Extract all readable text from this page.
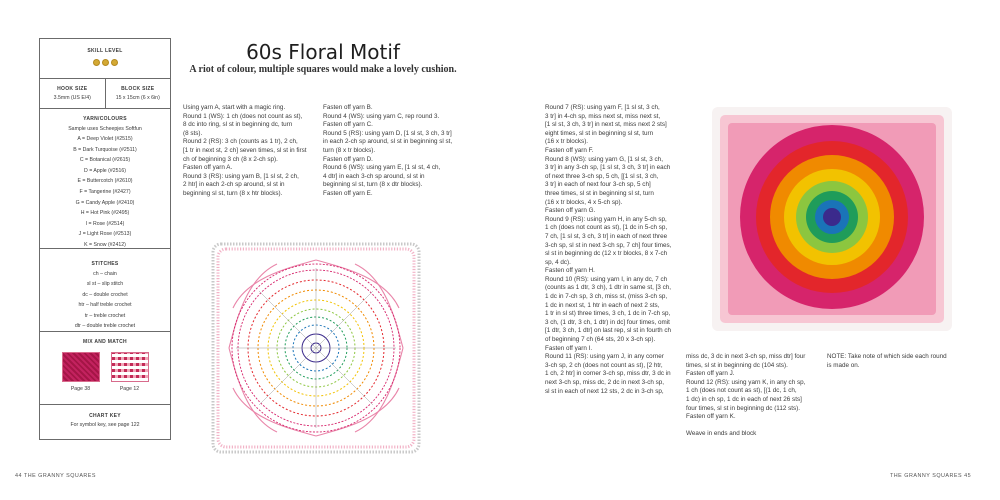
SKILL LEVEL
HOOK SIZE
3.5mm (US E/4)
BLOCK SIZE
15 x 15cm (6 x 6in)
YARN/COLOURS
Sample uses Scheepjes Softfun
A = Deep Violet (#2515)
B = Dark Turquoise (#2511)
C = Botanical (#2615)
D = Apple (#2516)
E = Buttercotch (#2610)
F = Tangerine (#2427)
G = Candy Apple (#2410)
H = Hot Pink (#2495)
I = Rose (#2514)
J = Light Rose (#2513)
K = Snow (#2412)
STITCHES
ch – chain
sl st – slip stitch
dc – double crochet
htr – half treble crochet
tr – treble crochet
dtr – double treble crochet
MIX AND MATCH
Page 38	Page 12
CHART KEY
For symbol key, see page 122
60s Floral Motif
A riot of colour, multiple squares would make a lovely cushion.
Using yarn A, start with a magic ring.
Round 1 (WS): 1 ch (does not count as st),
8 dc into ring, sl st in beginning dc, turn
(8 sts).
Round 2 (RS): 3 ch (counts as 1 tr), 2 ch,
[1 tr in next st, 2 ch] seven times, sl st in first
ch of beginning 3 ch (8 x 2-ch sp).
Fasten off yarn A.
Round 3 (RS): using yarn B, [1 sl st, 2 ch,
2 htr] in each 2-ch sp around, sl st in
beginning sl st, turn (8 x htr blocks).
Fasten off yarn B.
Round 4 (WS): using yarn C, rep round 3.
Fasten off yarn C.
Round 5 (RS): using yarn D, [1 sl st, 3 ch, 3 tr]
in each 2-ch sp around, sl st in beginning sl st,
turn (8 x tr blocks).
Fasten off yarn D.
Round 6 (WS): using yarn E, [1 sl st, 4 ch,
4 dtr] in each 3-ch sp around, sl st in
beginning sl st, turn (8 x dtr blocks).
Fasten off yarn E.
Round 7 (RS): using yarn F, [1 sl st, 3 ch,
3 tr] in 4-ch sp, miss next st, miss next st,
[1 sl st, 3 ch, 3 tr] in next st, miss next 2 sts]
eight times, sl st in beginning sl st, turn
(16 x tr blocks).
Fasten off yarn F.
Round 8 (WS): using yarn G, [1 sl st, 3 ch,
3 tr] in any 3-ch sp, [1 sl st, 3 ch, 3 tr] in each
of next three 3-ch sp, 5 ch, [[1 sl st, 3 ch,
3 tr] in each of next four 3-ch sp, 5 ch]
three times, sl st in beginning sl st, turn
(16 x tr blocks, 4 x 5-ch sp).
Fasten off yarn G.
Round 9 (RS): using yarn H, in any 5-ch sp,
1 ch (does not count as st), [1 dc in 5-ch sp,
7 ch, [1 sl st, 3 ch, 3 tr] in each of next three
3-ch sp, sl st in next 3-ch sp, 7 ch] four times,
sl st in beginning dc (12 x tr blocks, 8 x 7-ch
sp, 4 dc).
Fasten off yarn H.
Round 10 (RS): using yarn I, in any dc, 7 ch
(counts as 1 dtr, 3 ch), 1 dtr in same st, [3 ch,
1 dc in 7-ch sp, 3 ch, miss st, (miss 3-ch sp,
1 dc in next st, 1 htr in each of next 2 sts,
1 tr in sl st) three times, 3 ch, 1 dc in 7-ch sp,
3 ch, (1 dtr, 3 ch, 1 dtr) in dc] four times, omit
[1 dtr, 3 ch, 1 dtr] on last rep, sl st in fourth ch
of beginning 7 ch (64 sts, 20 x 3-ch sp).
Fasten off yarn I.
Round 11 (RS): using yarn J, in any corner
3-ch sp, 2 ch (does not count as st), [2 htr,
1 ch, 2 htr] in corner 3-ch sp, miss dtr, 3 dc in
next 3-ch sp, miss dc, 2 dc in next 3-ch sp,
sl st in each of next 12 sts, 2 dc in 3-ch sp,
miss dc, 3 dc in next 3-ch sp, miss dtr] four
times, sl st in beginning dc (104 sts).
Fasten off yarn J.
Round 12 (RS): using yarn K, in any ch sp,
1 ch (does not count as st), [(1 dc, 1 ch,
1 dc) in ch sp, 1 dc in each of next 26 sts]
four times, sl st in beginning dc (112 sts).
Fasten off yarn K.

Weave in ends and block
NOTE: Take note of which side each round
is made on.
44 THE GRANNY SQUARES	THE GRANNY SQUARES 45
